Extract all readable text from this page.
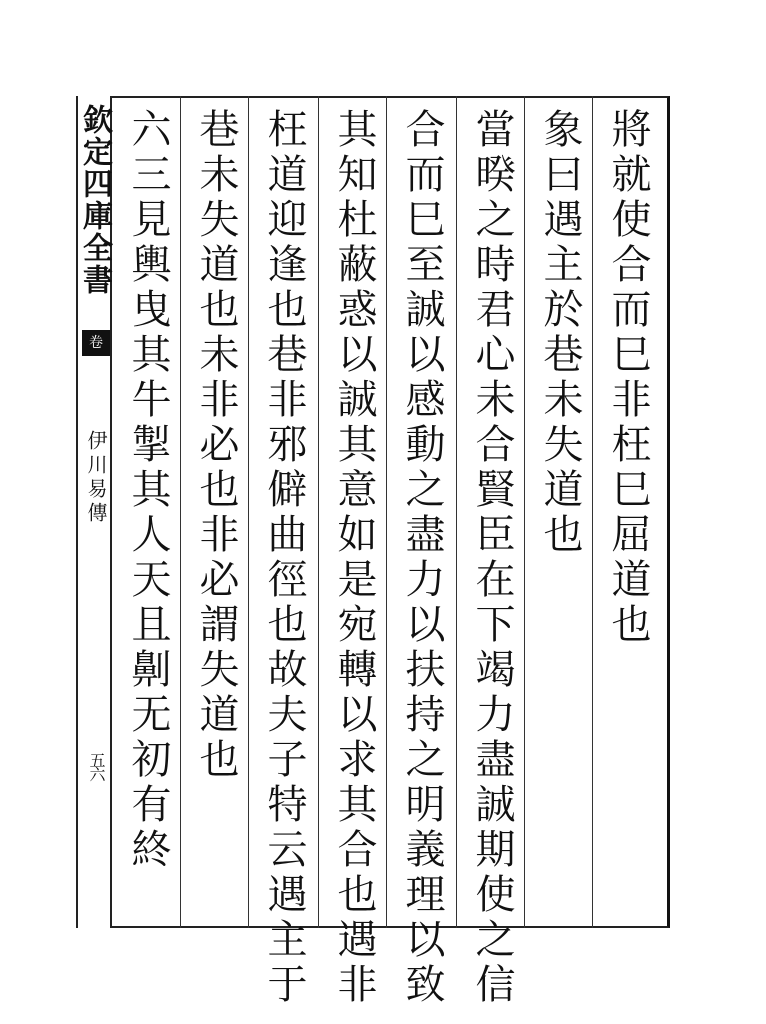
欽定四庫全書
卷
伊川易傳
五六
將就使合而巳非枉巳屈道也
象曰遇主於巷未失道也
當暌之時君心未合賢臣在下竭力盡誠期使之信
合而巳至誠以感動之盡力以扶持之明義理以致
其知杜蔽惑以誠其意如是宛轉以求其合也遇非
枉道迎逢也巷非邪僻曲徑也故夫子特云遇主于
巷未失道也未非必也非必謂失道也
六三見輿曳其牛掣其人天且劓无初有終
